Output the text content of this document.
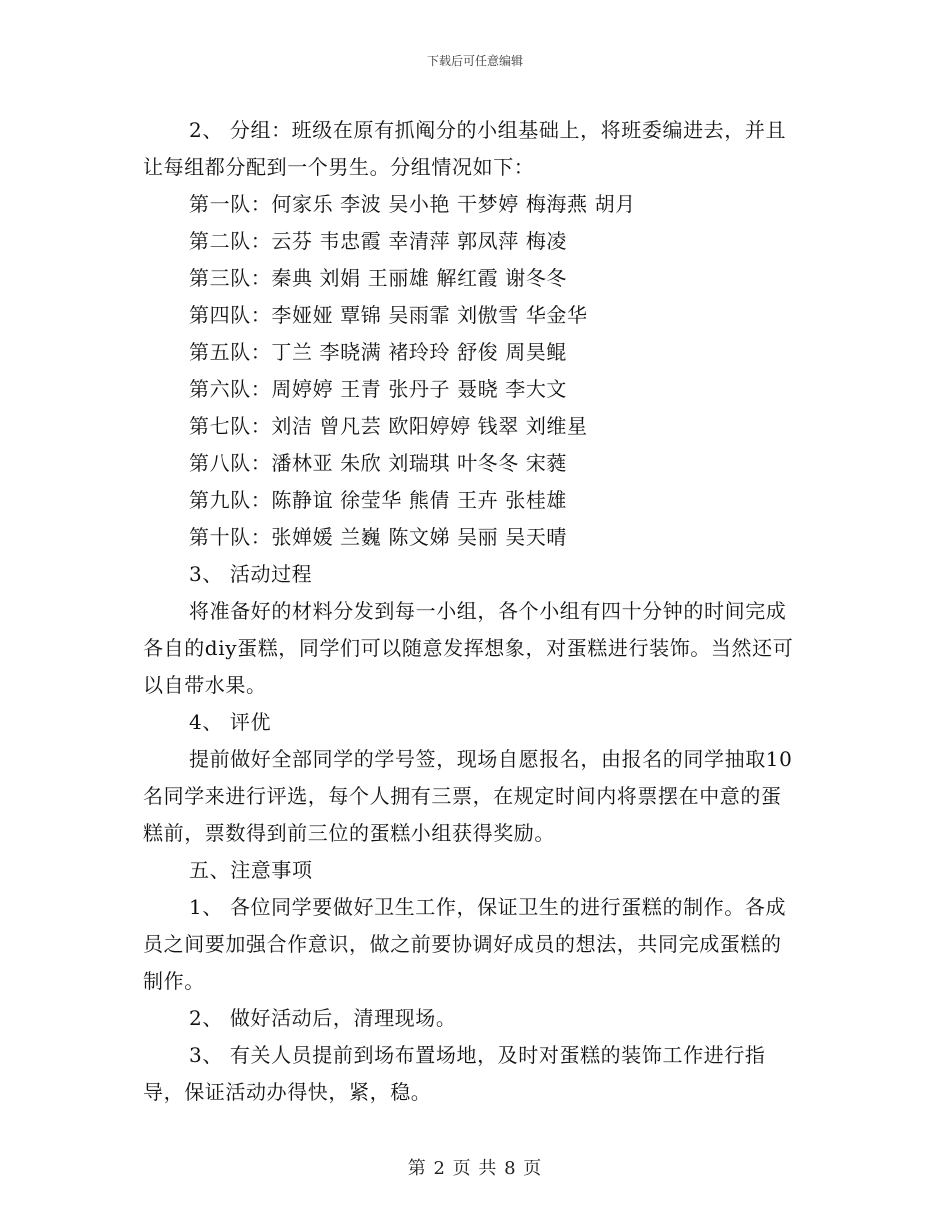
下载后可任意编辑

2、 分组：班级在原有抓阄分的小组基础上，将班委编进去，并且让每组都分配到一个男生。分组情况如下：

第一队：何家乐 李波 吴小艳 干梦婷 梅海燕 胡月

第二队：云芬 韦忠霞 幸清萍 郭凤萍 梅凌

第三队：秦典 刘娟 王丽雄 解红霞 谢冬冬

第四队：李娅娅 覃锦 吴雨霏 刘傲雪 华金华

第五队：丁兰 李晓满 褚玲玲 舒俊 周昊鲲

第六队：周婷婷 王青 张丹子 聂晓 李大文

第七队：刘洁 曾凡芸 欧阳婷婷 钱翠 刘维星

第八队：潘林亚 朱欣 刘瑞琪 叶冬冬 宋蕤

第九队：陈静谊 徐莹华 熊倩 王卉 张桂雄

第十队：张婵媛 兰巍 陈文娣 吴丽 吴天晴

3、 活动过程

将准备好的材料分发到每一小组，各个小组有四十分钟的时间完成各自的diy蛋糕，同学们可以随意发挥想象，对蛋糕进行装饰。当然还可以自带水果。

4、 评优

提前做好全部同学的学号签，现场自愿报名，由报名的同学抽取10名同学来进行评选，每个人拥有三票，在规定时间内将票摆在中意的蛋糕前，票数得到前三位的蛋糕小组获得奖励。

五、注意事项

1、 各位同学要做好卫生工作，保证卫生的进行蛋糕的制作。各成员之间要加强合作意识，做之前要协调好成员的想法，共同完成蛋糕的制作。

2、 做好活动后，清理现场。

3、 有关人员提前到场布置场地，及时对蛋糕的装饰工作进行指导，保证活动办得快，紧，稳。

第 2 页 共 8 页
